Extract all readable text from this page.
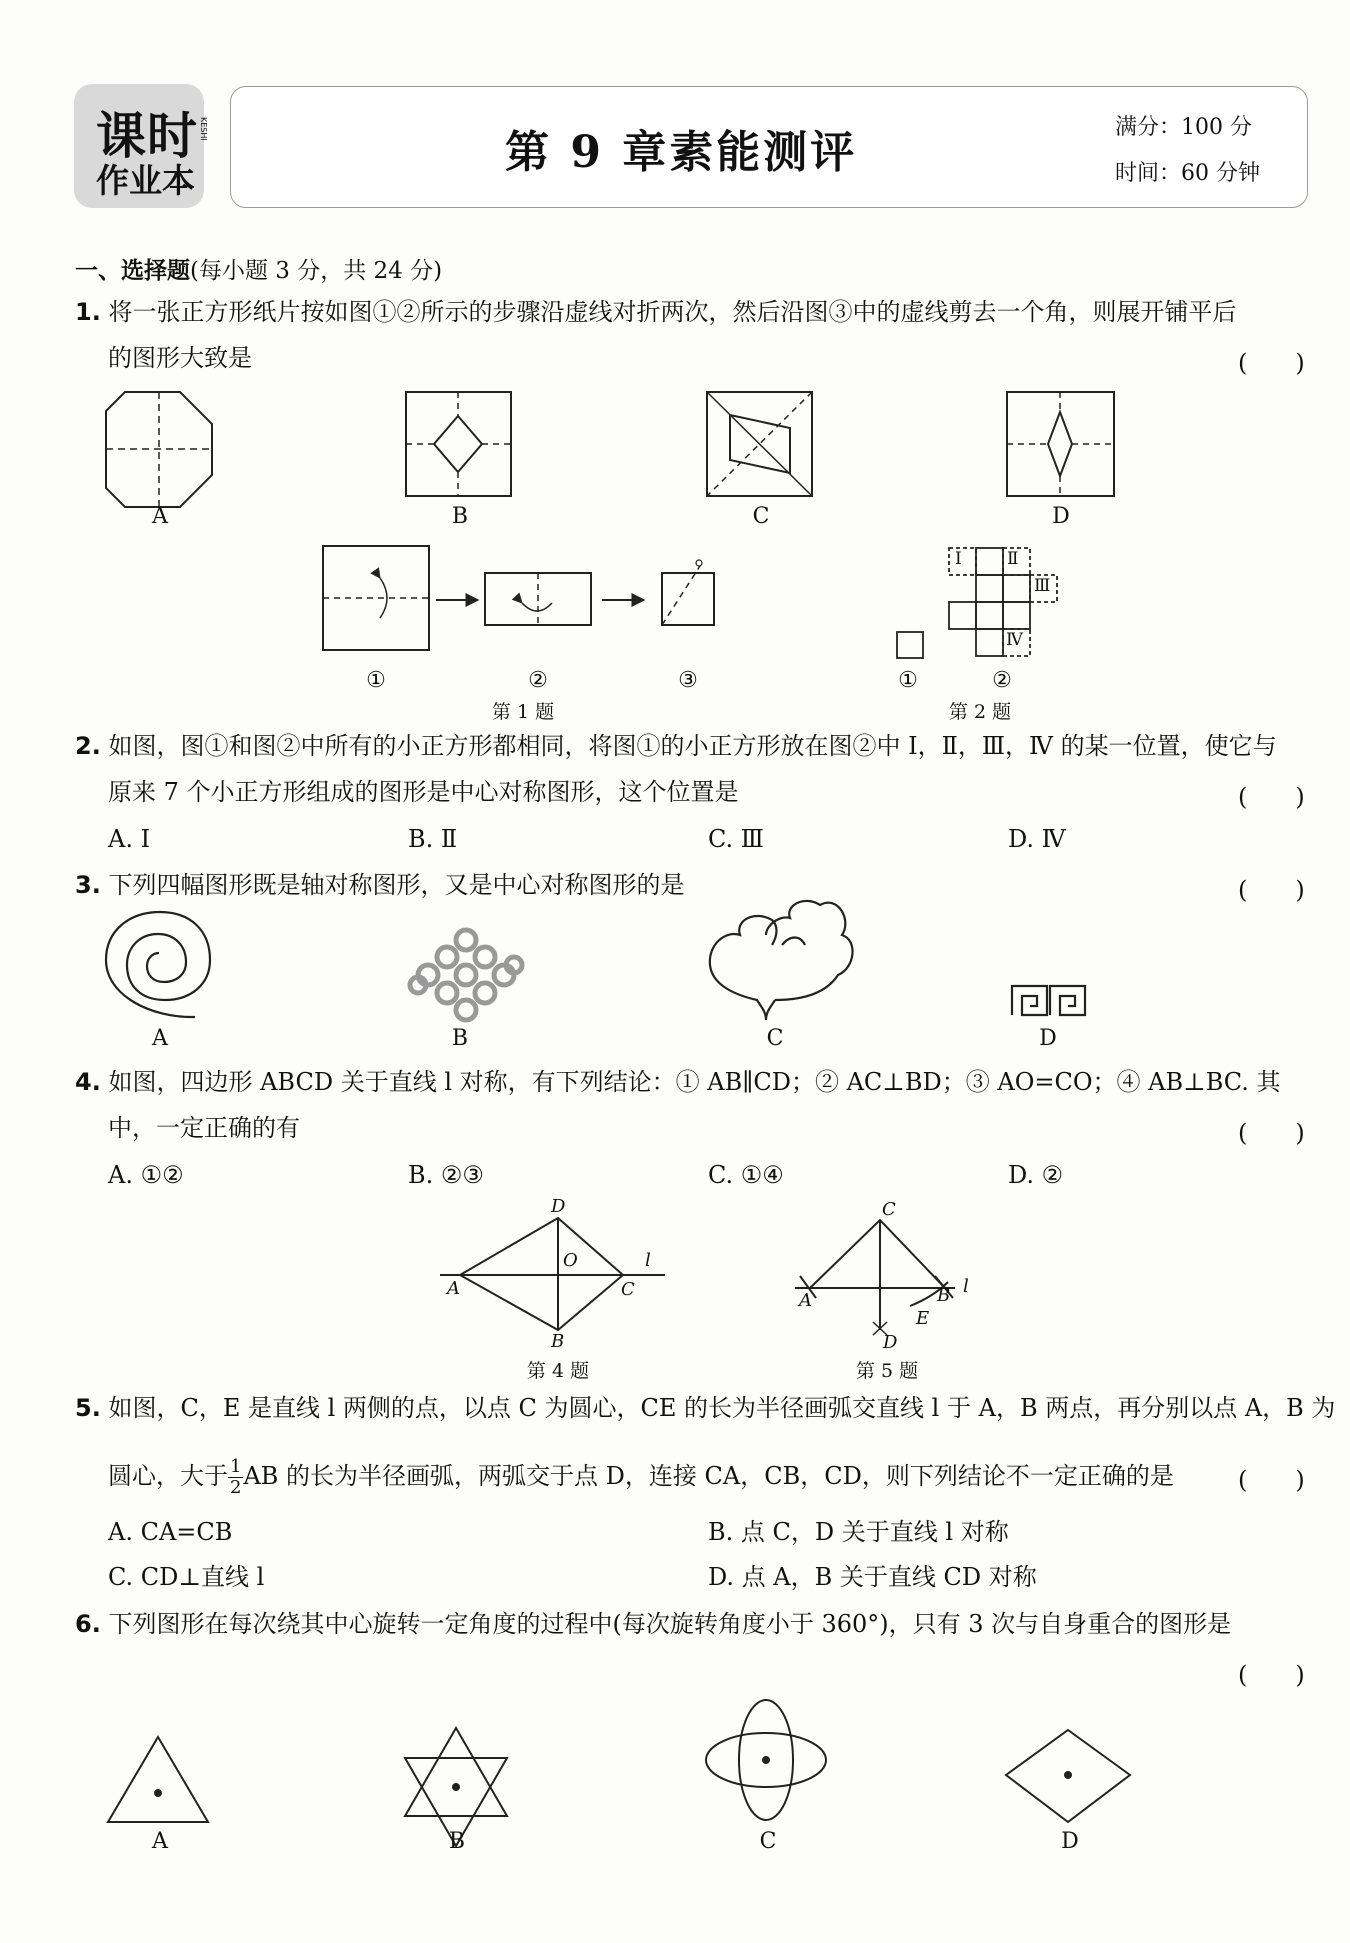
课时
作业本
KESHI	第 9 章素能测评	满分：100 分
时间：60 分钟
一、选择题(每小题 3 分，共 24 分)
1. 将一张正方形纸片按如图①②所示的步骤沿虚线对折两次，然后沿图③中的虚线剪去一个角，则展开铺平后
的图形大致是	(　　)
A	B	C	D
①	②	③
第 1 题
Ⅰ	Ⅱ
Ⅲ
Ⅳ
①	②
第 2 题
2. 如图，图①和图②中所有的小正方形都相同，将图①的小正方形放在图②中 Ⅰ，Ⅱ，Ⅲ，Ⅳ 的某一位置，使它与
原来 7 个小正方形组成的图形是中心对称图形，这个位置是	(　　)
A. Ⅰ	B. Ⅱ	C. Ⅲ	D. Ⅳ
3. 下列四幅图形既是轴对称图形，又是中心对称图形的是	(　　)
A	B	C	D
4. 如图，四边形 ABCD 关于直线 l 对称，有下列结论：① AB∥CD；② AC⊥BD；③ AO=CO；④ AB⊥BC. 其
中，一定正确的有	(　　)
A. ①②	B. ②③	C. ①④	D. ②
D
O	l
A	C
B
第 4 题
C
A	B l
E
D
第 5 题
5. 如图，C，E 是直线 l 两侧的点，以点 C 为圆心，CE 的长为半径画弧交直线 l 于 A，B 两点，再分别以点 A，B 为
圆心，大于 $\frac{1}{2}$ AB 的长为半径画弧，两弧交于点 D，连接 CA，CB，CD，则下列结论不一定正确的是	(　　)
A. CA=CB	B. 点 C，D 关于直线 l 对称
C. CD⊥直线 l	D. 点 A，B 关于直线 CD 对称
6. 下列图形在每次绕其中心旋转一定角度的过程中(每次旋转角度小于 360°)，只有 3 次与自身重合的图形是
(　　)
A	B	C	D
